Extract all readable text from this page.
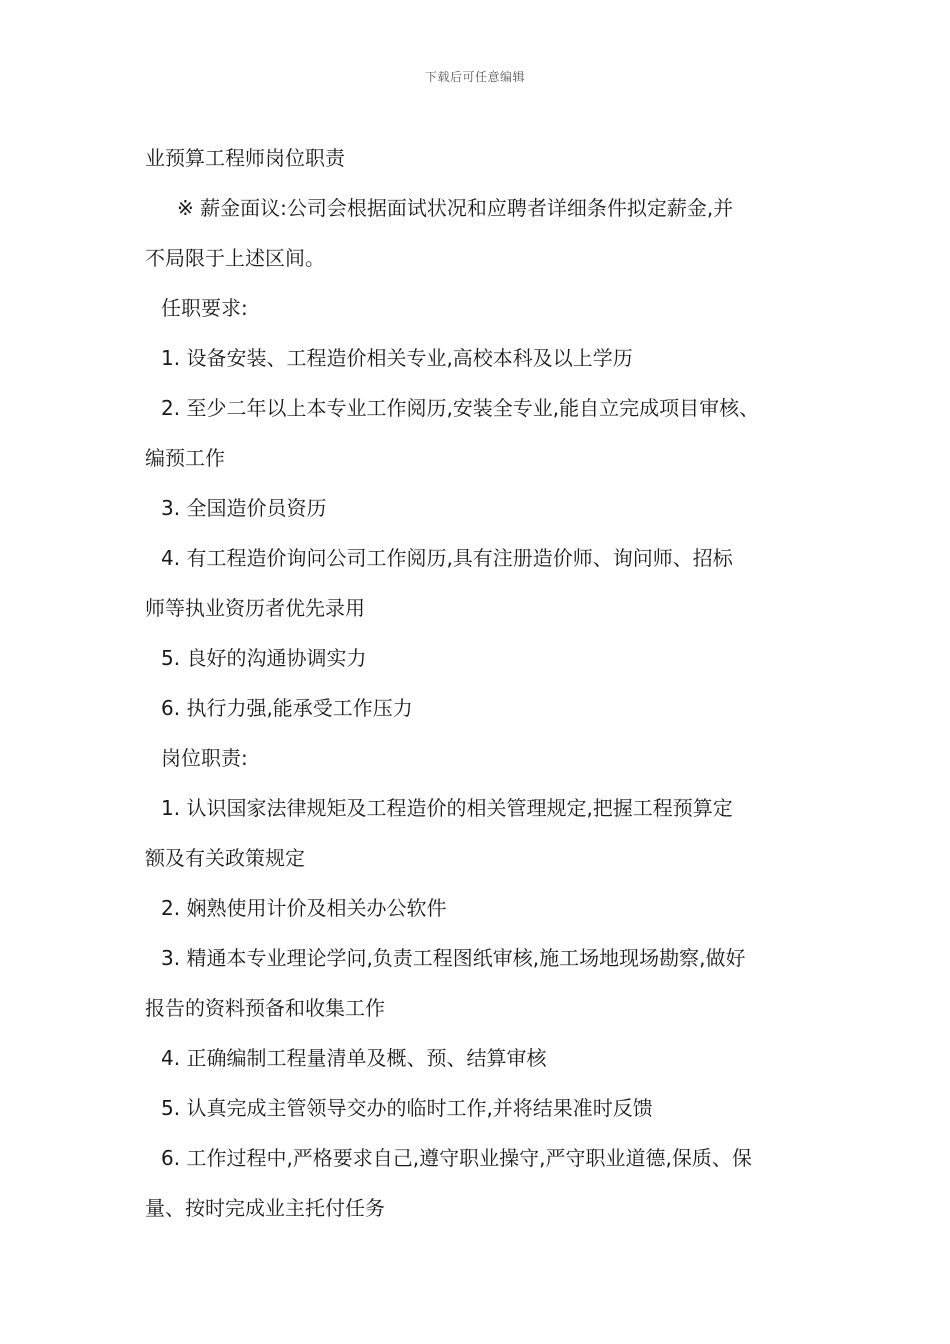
下载后可任意编辑

业预算工程师岗位职责

※ 薪金面议:公司会根据面试状况和应聘者详细条件拟定薪金,并

不局限于上述区间。

任职要求:

1. 设备安装、工程造价相关专业,高校本科及以上学历

2. 至少二年以上本专业工作阅历,安装全专业,能自立完成项目审核、

编预工作

3. 全国造价员资历

4. 有工程造价询问公司工作阅历,具有注册造价师、询问师、招标

师等执业资历者优先录用

5. 良好的沟通协调实力

6. 执行力强,能承受工作压力

岗位职责:

1. 认识国家法律规矩及工程造价的相关管理规定,把握工程预算定

额及有关政策规定

2. 娴熟使用计价及相关办公软件

3. 精通本专业理论学问,负责工程图纸审核,施工场地现场勘察,做好

报告的资料预备和收集工作

4. 正确编制工程量清单及概、预、结算审核

5. 认真完成主管领导交办的临时工作,并将结果准时反馈

6. 工作过程中,严格要求自己,遵守职业操守,严守职业道德,保质、保

量、按时完成业主托付任务
